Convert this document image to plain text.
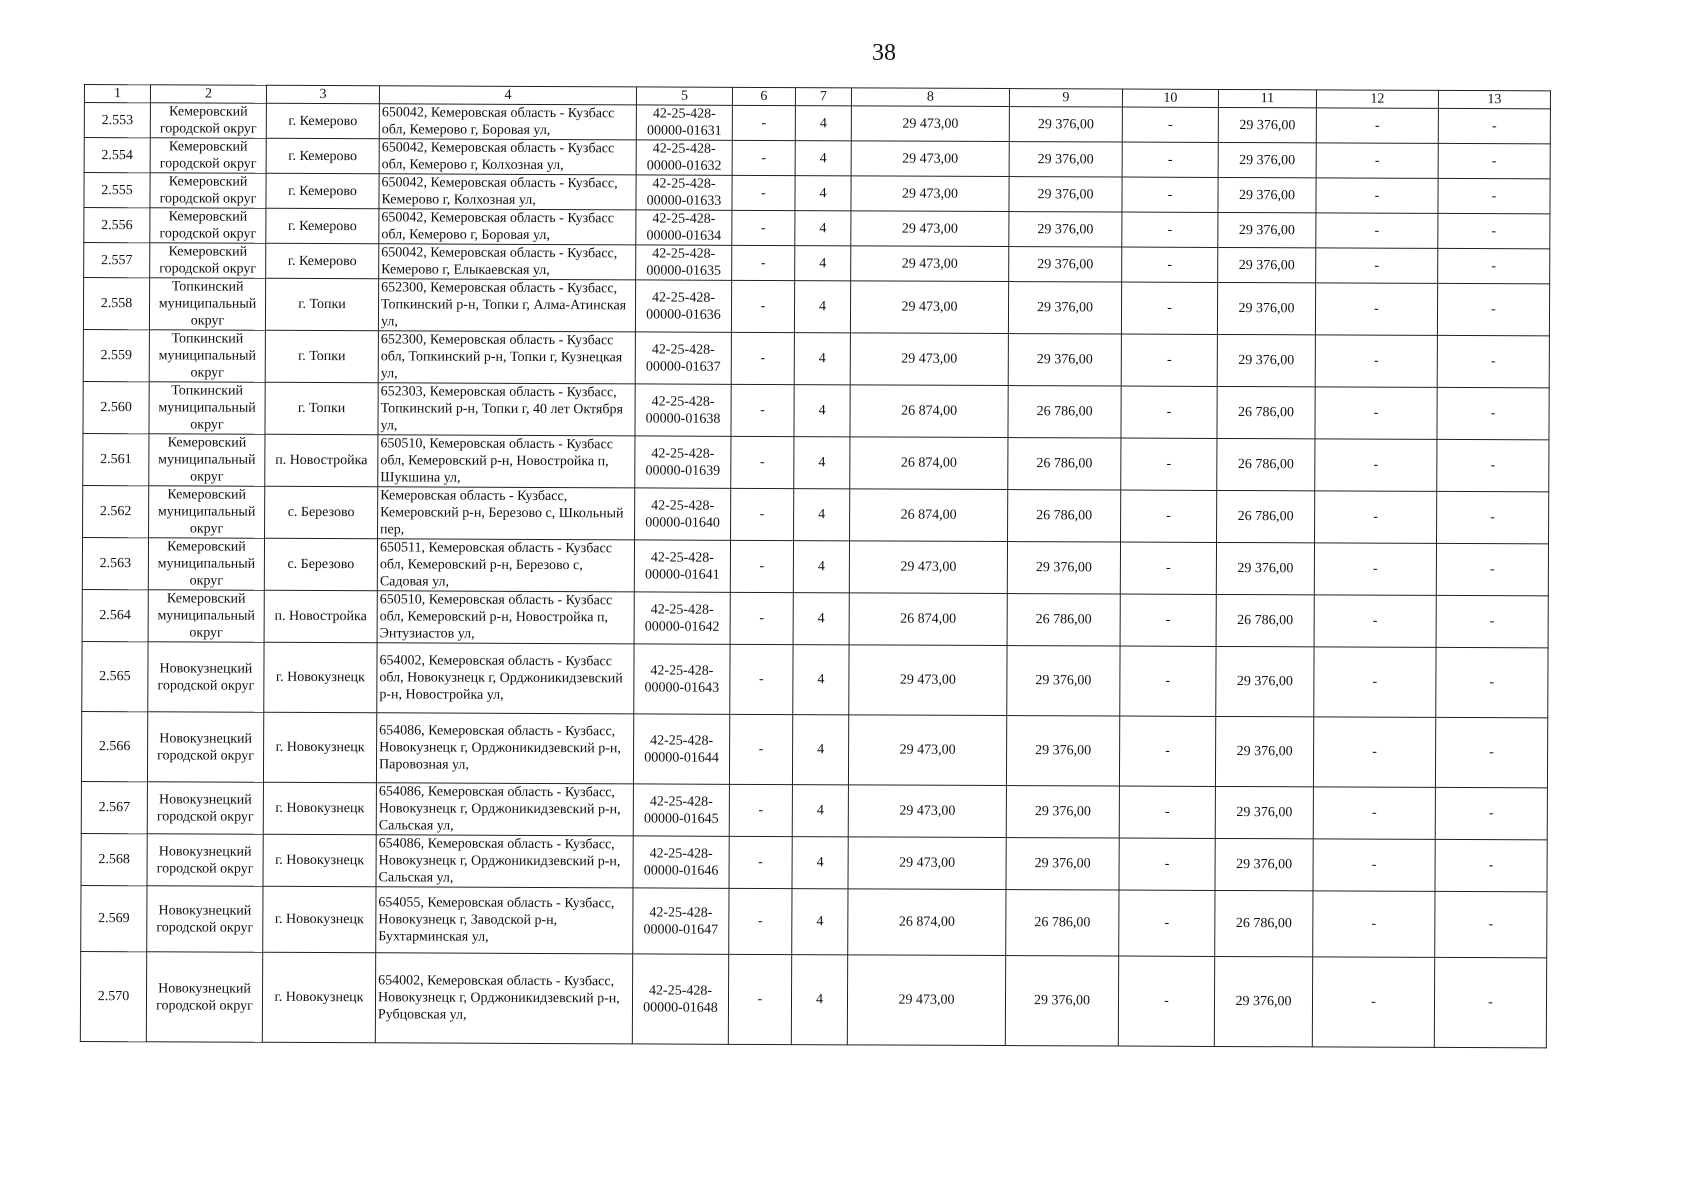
38
1	2	3	4	5	6	7	8	9	10	11	12	13
2.553	Кемеровский городской округ	г. Кемерово	650042, Кемеровская область - Кузбасс обл, Кемерово г, Боровая ул,	42-25-428-00000-01631	-	4	29 473,00	29 376,00	-	29 376,00	-	-
2.554	Кемеровский городской округ	г. Кемерово	650042, Кемеровская область - Кузбасс обл, Кемерово г, Колхозная ул,	42-25-428-00000-01632	-	4	29 473,00	29 376,00	-	29 376,00	-	-
2.555	Кемеровский городской округ	г. Кемерово	650042, Кемеровская область - Кузбасс, Кемерово г, Колхозная ул,	42-25-428-00000-01633	-	4	29 473,00	29 376,00	-	29 376,00	-	-
2.556	Кемеровский городской округ	г. Кемерово	650042, Кемеровская область - Кузбасс обл, Кемерово г, Боровая ул,	42-25-428-00000-01634	-	4	29 473,00	29 376,00	-	29 376,00	-	-
2.557	Кемеровский городской округ	г. Кемерово	650042, Кемеровская область - Кузбасс, Кемерово г, Елыкаевская ул,	42-25-428-00000-01635	-	4	29 473,00	29 376,00	-	29 376,00	-	-
2.558	Топкинский муниципальный округ	г. Топки	652300, Кемеровская область - Кузбасс, Топкинский р-н, Топки г, Алма-Атинская ул,	42-25-428-00000-01636	-	4	29 473,00	29 376,00	-	29 376,00	-	-
2.559	Топкинский муниципальный округ	г. Топки	652300, Кемеровская область - Кузбасс обл, Топкинский р-н, Топки г, Кузнецкая ул,	42-25-428-00000-01637	-	4	29 473,00	29 376,00	-	29 376,00	-	-
2.560	Топкинский муниципальный округ	г. Топки	652303, Кемеровская область - Кузбасс, Топкинский р-н, Топки г, 40 лет Октября ул,	42-25-428-00000-01638	-	4	26 874,00	26 786,00	-	26 786,00	-	-
2.561	Кемеровский муниципальный округ	п. Новостройка	650510, Кемеровская область - Кузбасс обл, Кемеровский р-н, Новостройка п, Шукшина ул,	42-25-428-00000-01639	-	4	26 874,00	26 786,00	-	26 786,00	-	-
2.562	Кемеровский муниципальный округ	с. Березово	Кемеровская область - Кузбасс, Кемеровский р-н, Березово с, Школьный пер,	42-25-428-00000-01640	-	4	26 874,00	26 786,00	-	26 786,00	-	-
2.563	Кемеровский муниципальный округ	с. Березово	650511, Кемеровская область - Кузбасс обл, Кемеровский р-н, Березово с, Садовая ул,	42-25-428-00000-01641	-	4	29 473,00	29 376,00	-	29 376,00	-	-
2.564	Кемеровский муниципальный округ	п. Новостройка	650510, Кемеровская область - Кузбасс обл, Кемеровский р-н, Новостройка п, Энтузиастов ул,	42-25-428-00000-01642	-	4	26 874,00	26 786,00	-	26 786,00	-	-
2.565	Новокузнецкий городской округ	г. Новокузнецк	654002, Кемеровская область - Кузбасс обл, Новокузнецк г, Орджоникидзевский р-н, Новостройка ул,	42-25-428-00000-01643	-	4	29 473,00	29 376,00	-	29 376,00	-	-
2.566	Новокузнецкий городской округ	г. Новокузнецк	654086, Кемеровская область - Кузбасс, Новокузнецк г, Орджоникидзевский р-н, Паровозная ул,	42-25-428-00000-01644	-	4	29 473,00	29 376,00	-	29 376,00	-	-
2.567	Новокузнецкий городской округ	г. Новокузнецк	654086, Кемеровская область - Кузбасс, Новокузнецк г, Орджоникидзевский р-н, Сальская ул,	42-25-428-00000-01645	-	4	29 473,00	29 376,00	-	29 376,00	-	-
2.568	Новокузнецкий городской округ	г. Новокузнецк	654086, Кемеровская область - Кузбасс, Новокузнецк г, Орджоникидзевский р-н, Сальская ул,	42-25-428-00000-01646	-	4	29 473,00	29 376,00	-	29 376,00	-	-
2.569	Новокузнецкий городской округ	г. Новокузнецк	654055, Кемеровская область - Кузбасс, Новокузнецк г, Заводской р-н, Бухтарминская ул,	42-25-428-00000-01647	-	4	26 874,00	26 786,00	-	26 786,00	-	-
2.570	Новокузнецкий городской округ	г. Новокузнецк	654002, Кемеровская область - Кузбасс, Новокузнецк г, Орджоникидзевский р-н, Рубцовская ул,	42-25-428-00000-01648	-	4	29 473,00	29 376,00	-	29 376,00	-	-
